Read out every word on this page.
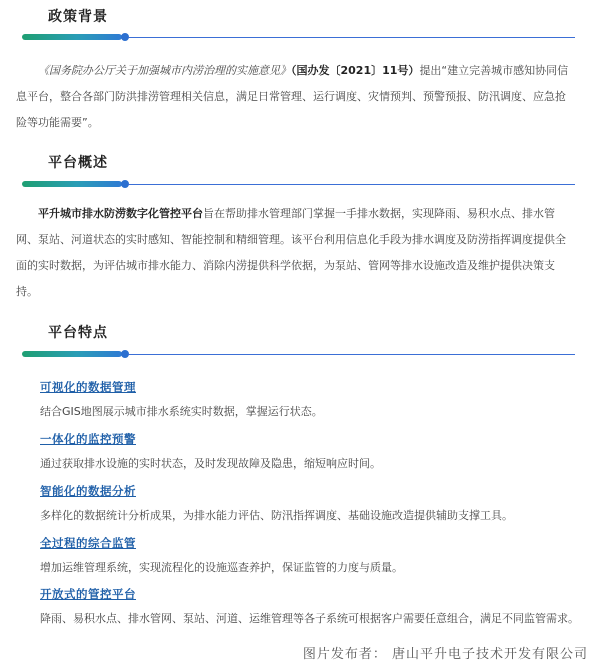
政策背景
《国务院办公厅关于加强城市内涝治理的实施意见》（国办发〔2021〕11号）提出“建立完善城市感知协同信息平台，整合各部门防洪排涝管理相关信息，满足日常管理、运行调度、灾情预判、预警预报、防汛调度、应急抢险等功能需要”。
平台概述
平升城市排水防涝数字化管控平台旨在帮助排水管理部门掌握一手排水数据，实现降雨、易积水点、排水管网、泵站、河道状态的实时感知、智能控制和精细管理。该平台利用信息化手段为排水调度及防涝指挥调度提供全面的实时数据，为评估城市排水能力、消除内涝提供科学依据，为泵站、管网等排水设施改造及维护提供决策支持。
平台特点
可视化的数据管理
结合GIS地图展示城市排水系统实时数据，掌握运行状态。
一体化的监控预警
通过获取排水设施的实时状态，及时发现故障及隐患，缩短响应时间。
智能化的数据分析
多样化的数据统计分析成果，为排水能力评估、防汛指挥调度、基础设施改造提供辅助支撑工具。
全过程的综合监管
增加运维管理系统，实现流程化的设施巡查养护，保证监管的力度与质量。
开放式的管控平台
降雨、易积水点、排水管网、泵站、河道、运维管理等各子系统可根据客户需要任意组合，满足不同监管需求。
图片发布者： 唐山平升电子技术开发有限公司
